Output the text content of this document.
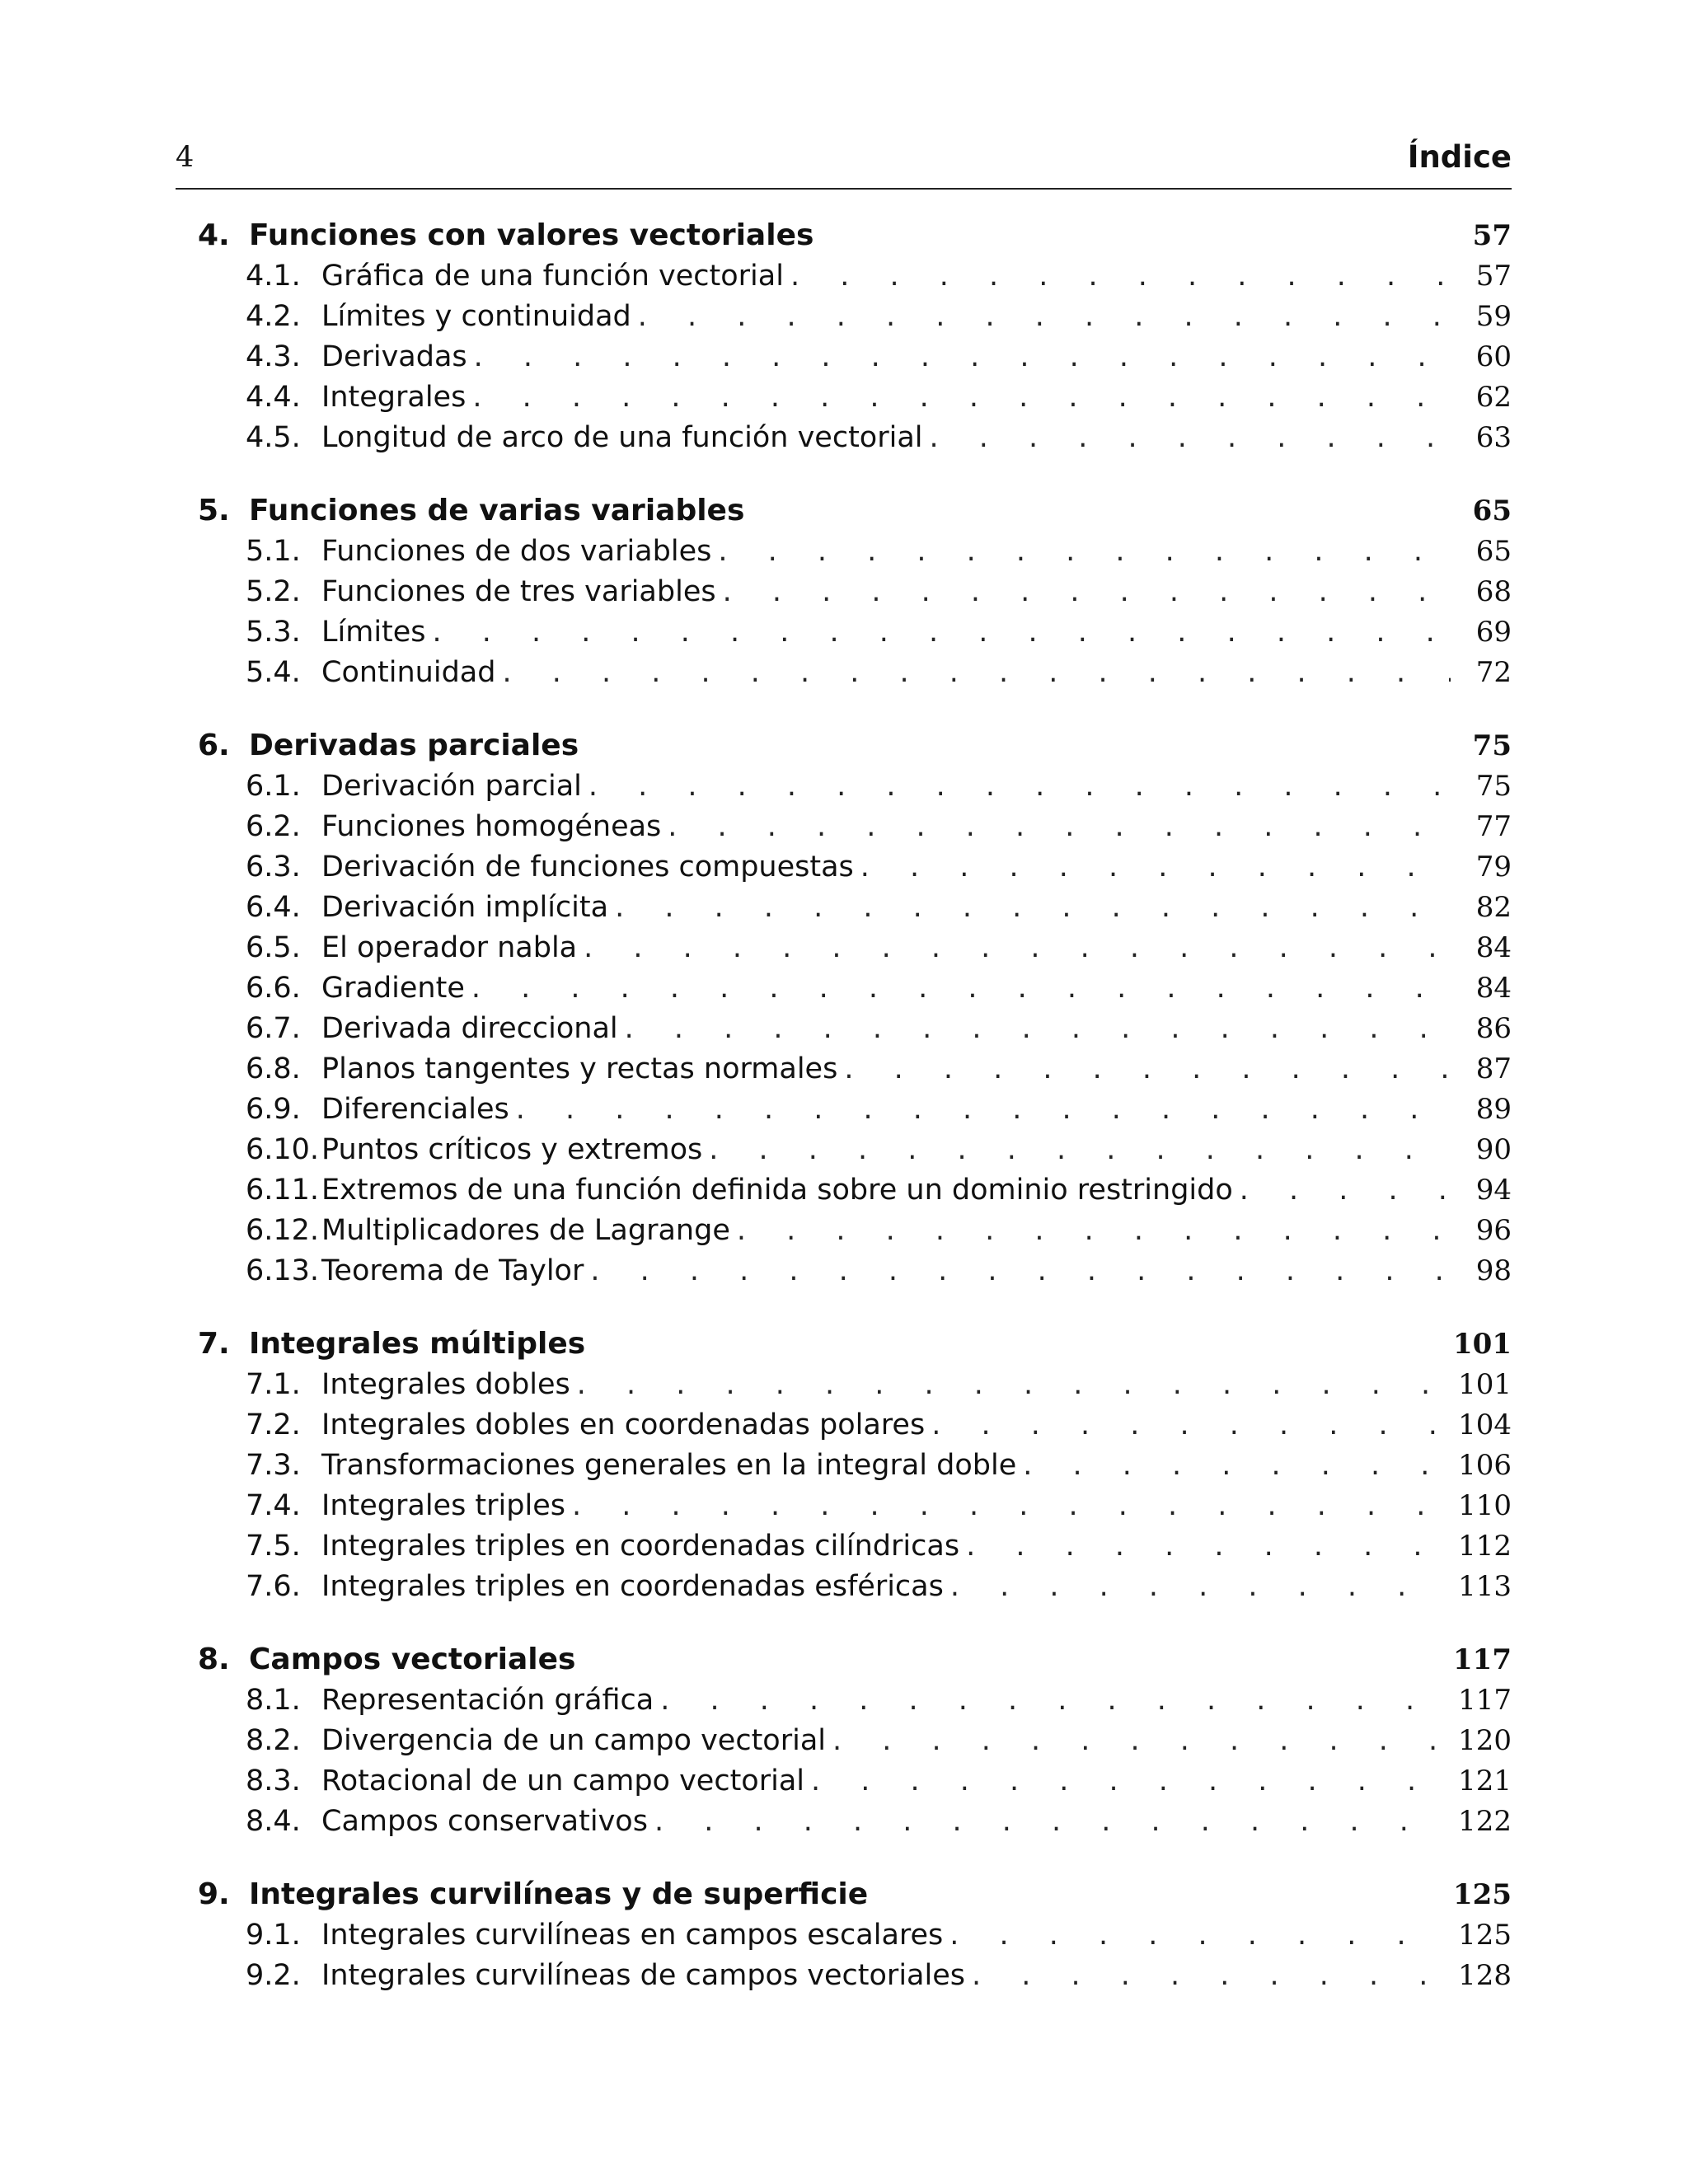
4	Índice
4. Funciones con valores vectoriales	57
4.1. Gráfica de una función vectorial . . .	57
4.2. Límites y continuidad . . .	59
4.3. Derivadas . . .	60
4.4. Integrales . . .	62
4.5. Longitud de arco de una función vectorial . . .	63
5. Funciones de varias variables	65
5.1. Funciones de dos variables . . .	65
5.2. Funciones de tres variables . . .	68
5.3. Límites . . .	69
5.4. Continuidad . . .	72
6. Derivadas parciales	75
6.1. Derivación parcial . . .	75
6.2. Funciones homogéneas . . .	77
6.3. Derivación de funciones compuestas . . .	79
6.4. Derivación implícita . . .	82
6.5. El operador nabla . . .	84
6.6. Gradiente . . .	84
6.7. Derivada direccional . . .	86
6.8. Planos tangentes y rectas normales . . .	87
6.9. Diferenciales . . .	89
6.10. Puntos críticos y extremos . . .	90
6.11. Extremos de una función definida sobre un dominio restringido . . .	94
6.12. Multiplicadores de Lagrange . . .	96
6.13. Teorema de Taylor . . .	98
7. Integrales múltiples	101
7.1. Integrales dobles . . .	101
7.2. Integrales dobles en coordenadas polares . . .	104
7.3. Transformaciones generales en la integral doble . . .	106
7.4. Integrales triples . . .	110
7.5. Integrales triples en coordenadas cilíndricas . . .	112
7.6. Integrales triples en coordenadas esféricas . . .	113
8. Campos vectoriales	117
8.1. Representación gráfica . . .	117
8.2. Divergencia de un campo vectorial . . .	120
8.3. Rotacional de un campo vectorial . . .	121
8.4. Campos conservativos . . .	122
9. Integrales curvilíneas y de superficie	125
9.1. Integrales curvilíneas en campos escalares . . .	125
9.2. Integrales curvilíneas de campos vectoriales . . .	128
